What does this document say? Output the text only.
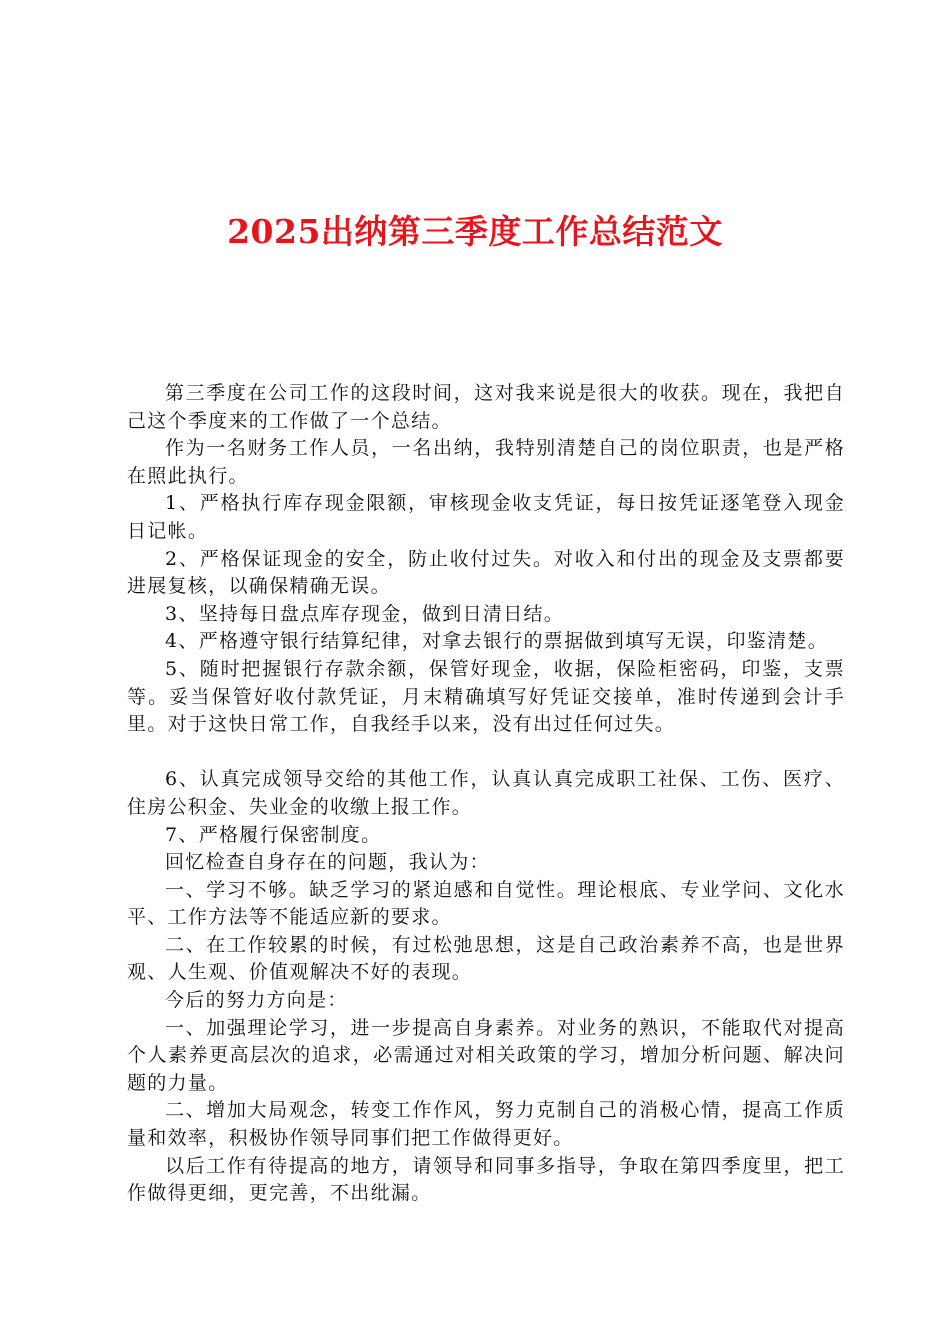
2025出纳第三季度工作总结范文

第三季度在公司工作的这段时间，这对我来说是很大的收获。现在，我把自己这个季度来的工作做了一个总结。

作为一名财务工作人员，一名出纳，我特别清楚自己的岗位职责，也是严格在照此执行。

1、严格执行库存现金限额，审核现金收支凭证，每日按凭证逐笔登入现金日记帐。

2、严格保证现金的安全，防止收付过失。对收入和付出的现金及支票都要进展复核，以确保精确无误。

3、坚持每日盘点库存现金，做到日清日结。

4、严格遵守银行结算纪律，对拿去银行的票据做到填写无误，印鉴清楚。

5、随时把握银行存款余额，保管好现金，收据，保险柜密码，印鉴，支票等。妥当保管好收付款凭证，月末精确填写好凭证交接单，准时传递到会计手里。对于这快日常工作，自我经手以来，没有出过任何过失。

6、认真完成领导交给的其他工作，认真认真完成职工社保、工伤、医疗、住房公积金、失业金的收缴上报工作。

7、严格履行保密制度。

回忆检查自身存在的问题，我认为：

一、学习不够。缺乏学习的紧迫感和自觉性。理论根底、专业学问、文化水平、工作方法等不能适应新的要求。

二、在工作较累的时候，有过松弛思想，这是自己政治素养不高，也是世界观、人生观、价值观解决不好的表现。

今后的努力方向是：

一、加强理论学习，进一步提高自身素养。对业务的熟识，不能取代对提高个人素养更高层次的追求，必需通过对相关政策的学习，增加分析问题、解决问题的力量。

二、增加大局观念，转变工作作风，努力克制自己的消极心情，提高工作质量和效率，积极协作领导同事们把工作做得更好。

以后工作有待提高的地方，请领导和同事多指导，争取在第四季度里，把工作做得更细，更完善，不出纰漏。
